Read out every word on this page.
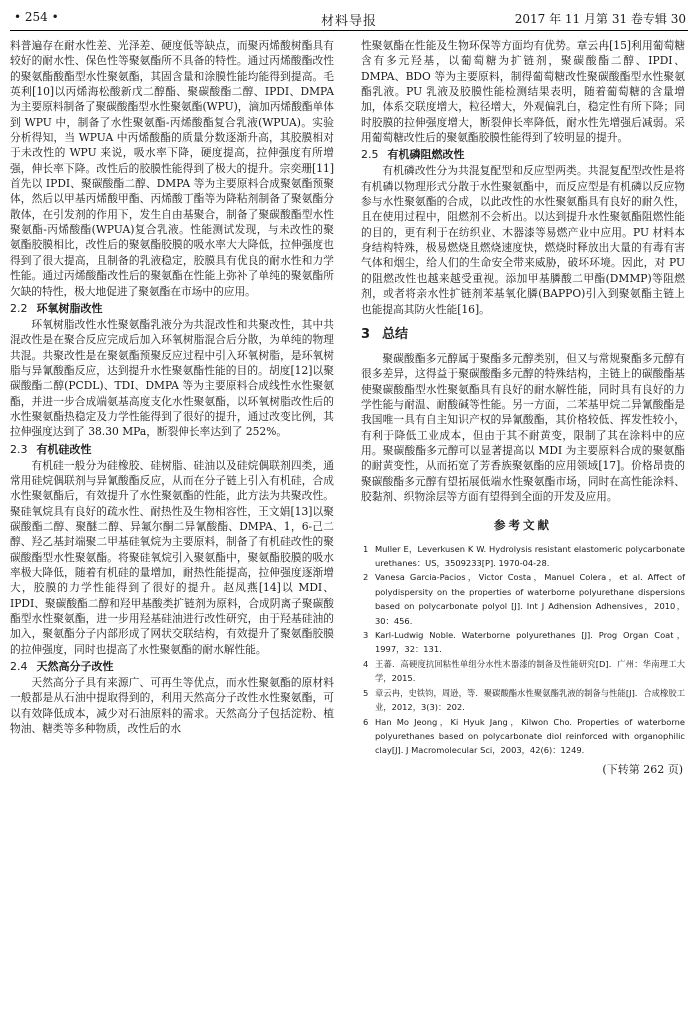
• 254 •	材料导报	2017 年 11 月第 31 卷专辑 30

料普遍存在耐水性差、光泽差、硬度低等缺点，而聚丙烯酸树酯具有较好的耐水性、保色性等聚氨酯所不具备的特性。通过丙烯酸酯改性的聚氨酯酸酯型水性聚氨酯，其固含量和涂膜性能均能得到提高。毛英利[10]以丙烯海松酸新戊二醇酯、聚碳酸酯二醇、IPDI、DMPA 为主要原料制备了聚碳酸酯型水性聚氨酯(WPU)，滴加丙烯酸酯单体到 WPU 中，制备了水性聚氨酯-丙烯酸酯复合乳液(WPUA)。实验分析得知，当 WPUA 中丙烯酸酯的质量分数逐渐升高，其胶膜相对于未改性的 WPU 来说，吸水率下降，硬度提高，拉伸强度有所增强，伸长率下降。改性后的胶膜性能得到了极大的提升。宗奕珊[11]首先以 IPDI、聚碳酸酯二醇、DMPA 等为主要原料合成聚氨酯预聚体，然后以甲基丙烯酸甲酯、丙烯酸丁酯等为降粘剂制备了聚氨酯分散体，在引发剂的作用下，发生自由基聚合，制备了聚碳酸酯型水性聚氨酯-丙烯酸酯(WPUA)复合乳液。性能测试发现，与未改性的聚氨酯胶膜相比，改性后的聚氨酯胶膜的吸水率大大降低，拉伸强度也得到了很大提高，且制备的乳液稳定，胶膜具有优良的耐水性和力学性能。通过丙烯酸酯改性后的聚氨酯在性能上弥补了单纯的聚氨酯所欠缺的特性，极大地促进了聚氨酯在市场中的应用。

2.2 环氧树脂改性

环氧树脂改性水性聚氨酯乳液分为共混改性和共聚改性，其中共混改性是在聚合反应完成后加入环氧树脂混合后分散，为单纯的物理共混。共聚改性是在聚氨酯预聚反应过程中引入环氧树脂，是环氧树脂与异氰酸酯反应，达到提升水性聚氨酯性能的目的。胡度[12]以聚碳酸酯二醇(PCDL)、TDI、DMPA 等为主要原料合成线性水性聚氨酯，并进一步合成端氨基高度支化水性聚氨酯，以环氧树脂改性后的水性聚氨酯热稳定及力学性能得到了很好的提升，通过改变比例，其拉伸强度达到了 38.30 MPa，断裂伸长率达到了 252%。

2.3 有机硅改性

有机硅一般分为硅橡胶、硅树脂、硅油以及硅烷偶联剂四类，通常用硅烷偶联剂与异氰酸酯反应，从而在分子链上引入有机硅，合成水性聚氨酯后，有效提升了水性聚氨酯的性能，此方法为共聚改性。聚硅氧烷具有良好的疏水性、耐热性及生物相容性，王文娟[13]以聚碳酸酯二醇、聚醚二醇、异氟尔酮二异氰酸酯、DMPA、1，6-己二醇、羟乙基封端聚二甲基硅氧烷为主要原料，制备了有机硅改性的聚碳酸酯型水性聚氨酯。将聚硅氧烷引入聚氨酯中，聚氨酯胶膜的吸水率极大降低，随着有机硅的量增加，耐热性能提高，拉伸强度逐渐增大，胶膜的力学性能得到了很好的提升。赵凤燕[14]以 MDI、IPDI、聚碳酸酯二醇和羟甲基酸类扩链剂为原料，合成阴离子聚碳酸酯型水性聚氨酯，进一步用羟基硅油进行改性研究，由于羟基硅油的加入，聚氨酯分子内部形成了网状交联结构，有效提升了聚氨酯胶膜的拉伸强度，同时也提高了水性聚氨酯的耐水解性能。

2.4 天然高分子改性

天然高分子具有来源广、可再生等优点，而水性聚氨酯的原材料一般都是从石油中提取得到的，利用天然高分子改性水性聚氨酯，可以有效降低成本，减少对石油原料的需求。天然高分子包括淀粉、植物油、糖类等多种物质，改性后的水

性聚氨酯在性能及生物环保等方面均有优势。章云冉[15]利用葡萄糖含有多元羟基，以葡萄糖为扩链剂，聚碳酸酯二醇、IPDI、DMPA、BDO 等为主要原料，制得葡萄糖改性聚碳酸酯型水性聚氨酯乳液。PU 乳液及胶膜性能检测结果表明，随着葡萄糖的含量增加，体系交联度增大，粒径增大，外观偏乳白，稳定性有所下降；同时胶膜的拉伸强度增大，断裂伸长率降低，耐水性先增强后减弱。采用葡萄糖改性后的聚氨酯胶膜性能得到了较明显的提升。

2.5 有机磷阻燃改性

有机磷改性分为共混复配型和反应型两类。共混复配型改性是将有机磷以物理形式分散于水性聚氨酯中，而反应型是有机磷以反应物参与水性聚氨酯的合成，以此改性的水性聚氨酯具有良好的耐久性，且在使用过程中，阻燃剂不会析出。以达到提升水性聚氨酯阻燃性能的目的，更有利于在纺织业、木器漆等易燃产业中应用。PU 材料本身结构特殊，极易燃烧且燃烧速度快，燃烧时释放出大量的有毒有害气体和烟尘，给人们的生命安全带来威胁，破坏环境。因此，对 PU 的阻燃改性也越来越受重视。添加甲基膦酸二甲酯(DMMP)等阻燃剂，或者将亲水性扩链剂苯基氧化膦(BAPPO)引入到聚氨酯主链上也能提高其防火性能[16]。

3 总结

聚碳酸酯多元醇属于聚酯多元醇类别，但又与常规聚酯多元醇有很多差异，这得益于聚碳酸酯多元醇的特殊结构，主链上的碳酸酯基使聚碳酸酯型水性聚氨酯具有良好的耐水解性能，同时具有良好的力学性能与耐温、耐酸碱等性能。另一方面，二苯基甲烷二异氰酸酯是我国唯一具有自主知识产权的异氰酸酯，其价格较低、挥发性较小，有利于降低工业成本，但由于其不耐黄变，限制了其在涂料中的应用。聚碳酸酯多元醇可以显著提高以 MDI 为主要原料合成的聚氨酯的耐黄变性，从而拓宽了芳香族聚氨酯的应用领域[17]。价格昂贵的聚碳酸酯多元醇有望拓展低端水性聚氨酯市场，同时在高性能涂料、胶黏剂、织物涂层等方面有望得到全面的开发及应用。

参考文献
1 Muller E，Leverkusen K W. Hydrolysis resistant elastomeric polycarbonate urethanes：US，3509233[P]. 1970-04-28.
2 Vanesa Garcia-Pacios，Victor Costa，Manuel Colera，et al. Affect of polydispersity on the properties of waterborne polyurethane dispersions based on polycarbonate polyol [J]. Int J Adhension Adhensives，2010，30：456.
3 Karl-Ludwig Noble. Waterborne polyurethanes [J]. Prog Organ Coat，1997，32：131.
4 王蕃．高硬度抗回粘性单组分水性木器漆的制备及性能研究[D]．广州：华南理工大学，2015.
5 章云冉，史铁钧，周逊，等．聚碳酸酯水性聚氨酯乳液的制备与性能[J]．合成橡胶工业，2012，3(3)：202.
6 Han Mo Jeong，Ki Hyuk Jang，Kilwon Cho. Properties of waterborne polyurethanes based on polycarbonate diol reinforced with organophilic clay[J]. J Macromolecular Sci，2003，42(6)：1249.
(下转第 262 页)
